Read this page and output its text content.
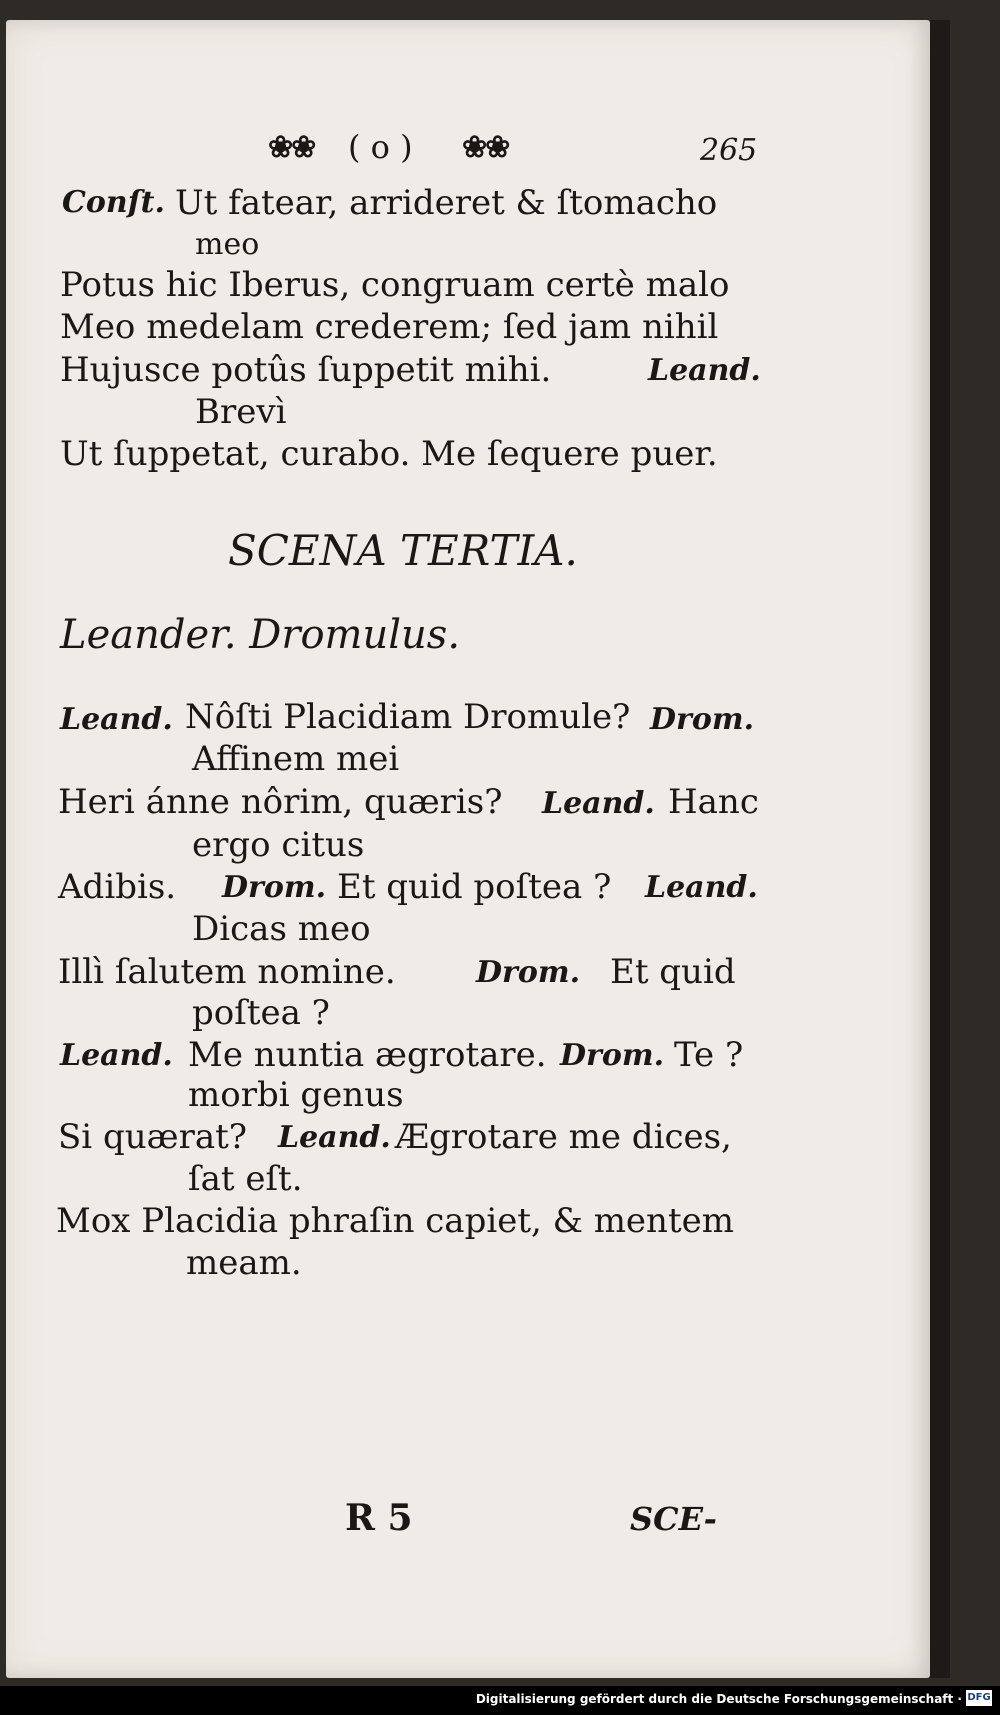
❀❀ ( o ) ❀❀	265
Conſt. Ut fatear, arrideret & ſtomacho
meo
Potus hic Iberus, congruam certè malo
Meo medelam crederem; ſed jam nihil
Hujusce potûs ſuppetit mihi.	Leand.
Brevì
Ut ſuppetat, curabo. Me ſequere puer.
SCENA TERTIA.
Leander. Dromulus.
Leand. Nôſti Placidiam Dromule? Drom.
Affinem mei
Heri ánne nôrim, quæris? Leand. Hanc
ergo citus
Adibis. Drom. Et quid poſtea ? Leand.
Dicas meo
Illì ſalutem nomine.	Drom. Et quid
poſtea ?
Leand. Me nuntia ægrotare. Drom. Te ?
morbi genus
Si quærat? Leand. Ægrotare me dices,
ſat eſt.
Mox Placidia phraſin capiet, & mentem
meam.
R 5	SCE-
Digitalisierung gefördert durch die Deutsche Forschungsgemeinschaft · DFG
